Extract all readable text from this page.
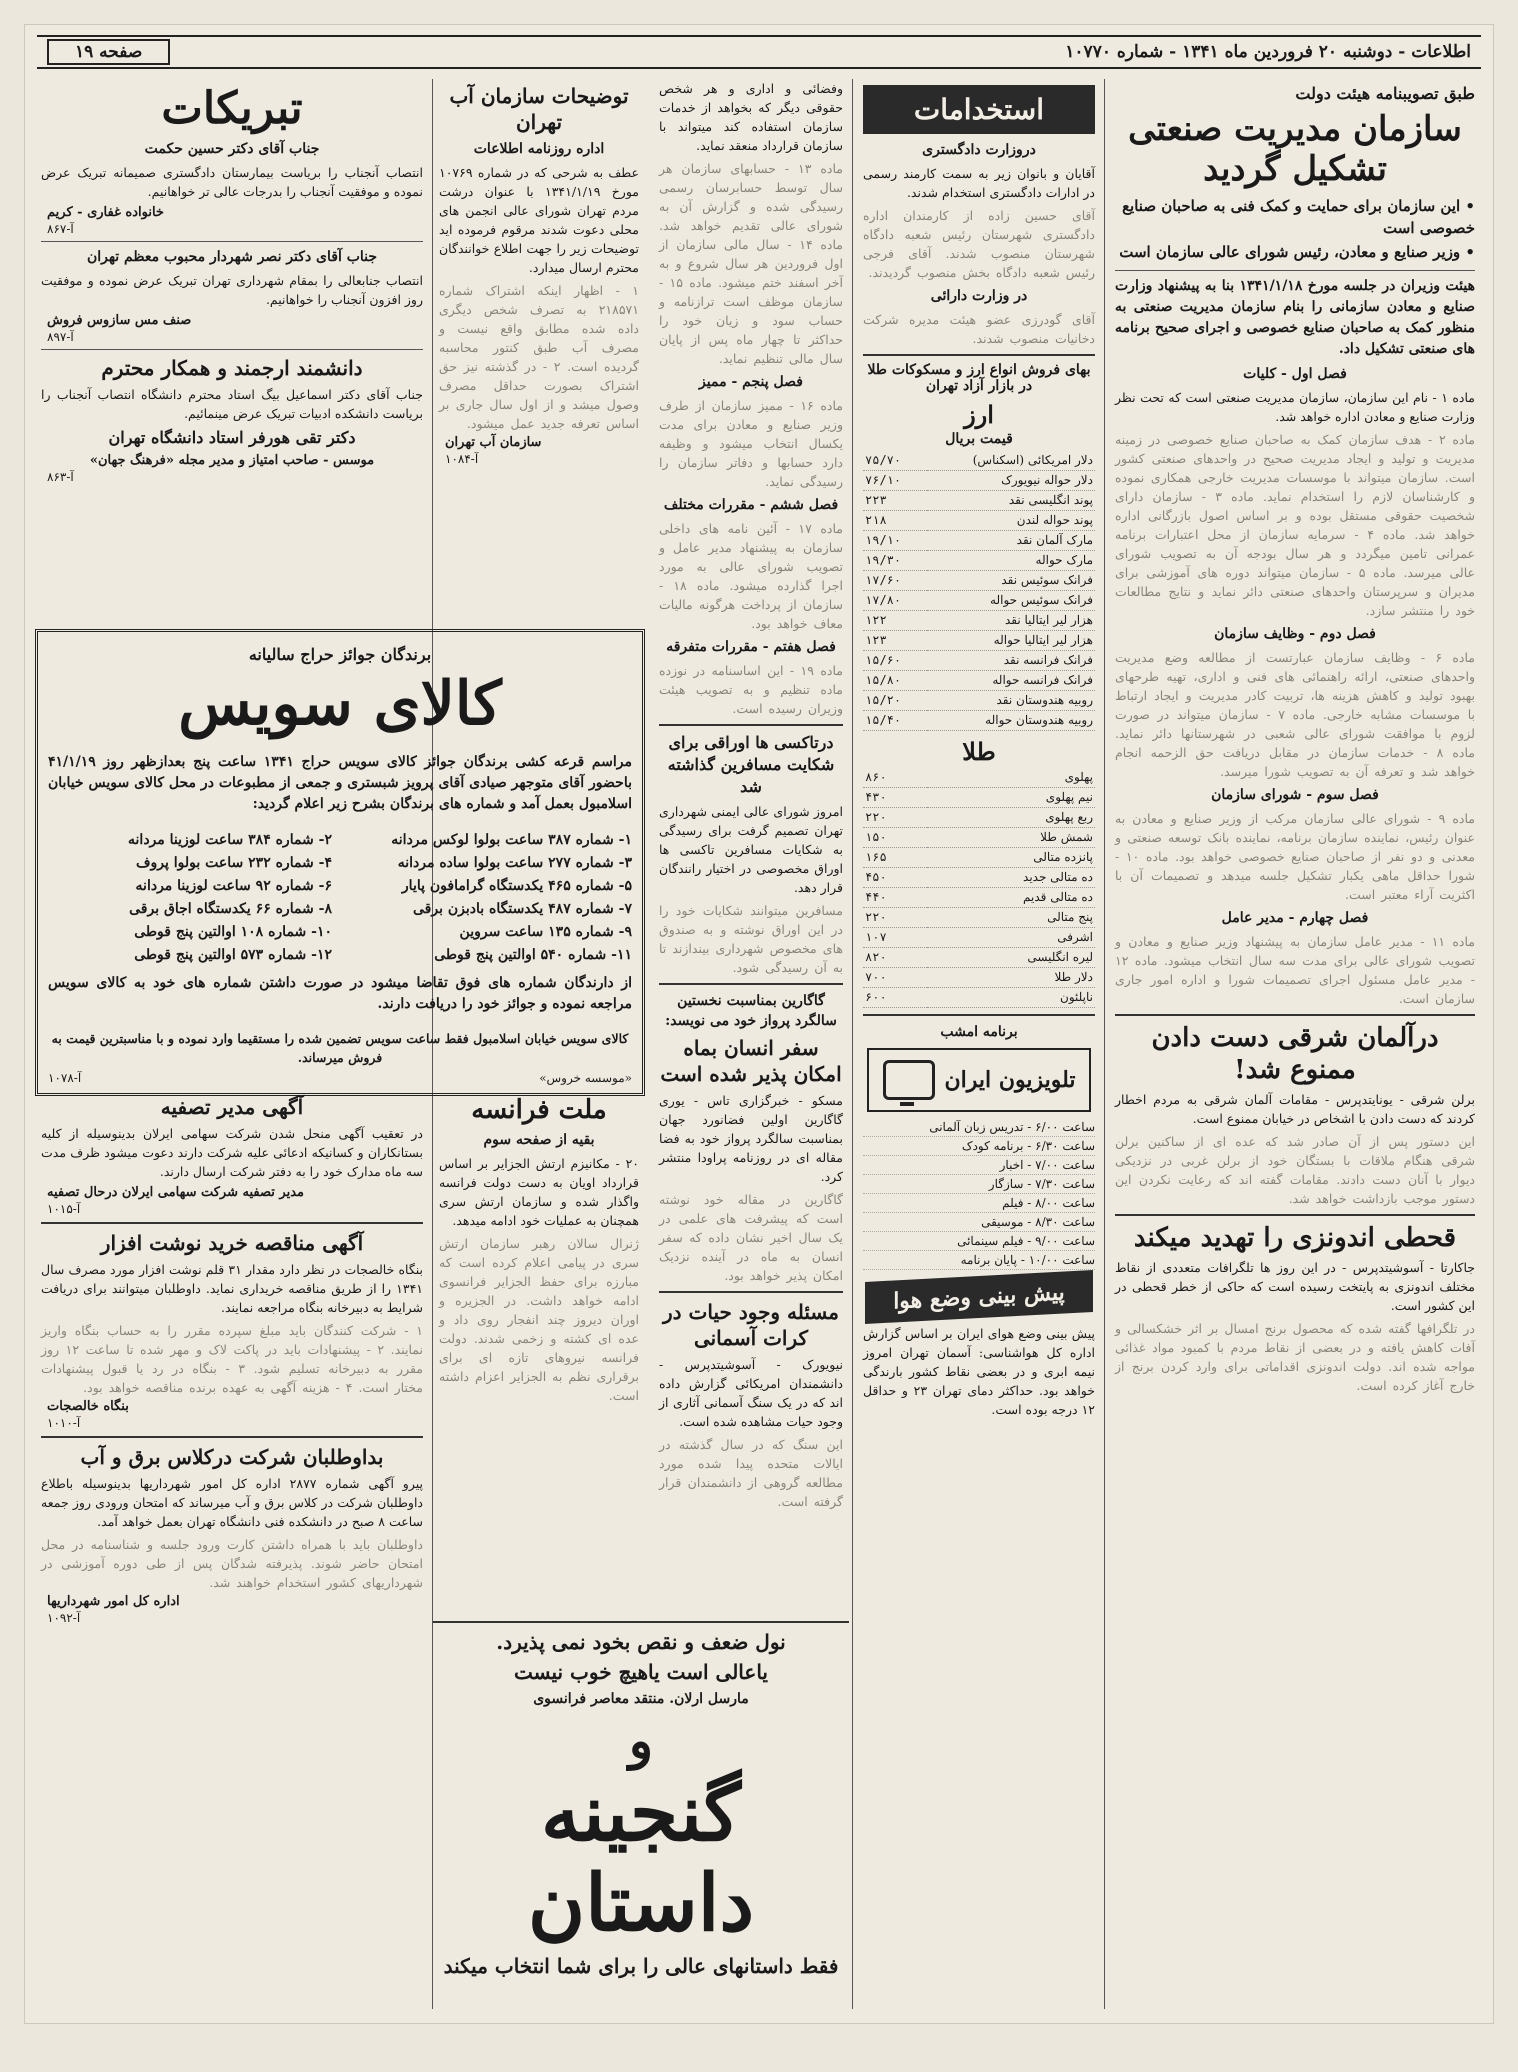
اطلاعات - دوشنبه ۲۰ فروردین ماه ۱۳۴۱ - شماره ۱۰۷۷۰
صفحه ۱۹
طبق تصویبنامه هیئت دولت
سازمان مدیریت صنعتی تشکیل گردید
• این سازمان برای حمایت و کمک فنی به صاحبان صنایع خصوصی است
• وزیر صنایع و معادن، رئیس شورای عالی سازمان است

هیئت وزیران در جلسه مورخ ۱۳۴۱/۱/۱۸ بنا به پیشنهاد وزارت صنایع و معادن سازمانی را بنام سازمان مدیریت صنعتی به منظور کمک به صاحبان صنایع خصوصی و اجرای صحیح برنامه های صنعتی تشکیل داد.

فصل اول - کلیات

ماده ۱ - نام این سازمان، سازمان مدیریت صنعتی است که تحت نظر وزارت صنایع و معادن اداره خواهد شد.

ماده ۲ - هدف سازمان کمک به صاحبان صنایع خصوصی در زمینه مدیریت و تولید و ایجاد مدیریت صحیح در واحدهای صنعتی کشور است. سازمان میتواند با موسسات مدیریت خارجی همکاری نموده و کارشناسان لازم را استخدام نماید. ماده ۳ - سازمان دارای شخصیت حقوقی مستقل بوده و بر اساس اصول بازرگانی اداره خواهد شد. ماده ۴ - سرمایه سازمان از محل اعتبارات برنامه عمرانی تامین میگردد و هر سال بودجه آن به تصویب شورای عالی میرسد. ماده ۵ - سازمان میتواند دوره های آموزشی برای مدیران و سرپرستان واحدهای صنعتی دائر نماید و نتایج مطالعات خود را منتشر سازد.
فصل دوم - وظایف سازمان
ماده ۶ - وظایف سازمان عبارتست از مطالعه وضع مدیریت واحدهای صنعتی، ارائه راهنمائی های فنی و اداری، تهیه طرحهای بهبود تولید و کاهش هزینه ها، تربیت کادر مدیریت و ایجاد ارتباط با موسسات مشابه خارجی. ماده ۷ - سازمان میتواند در صورت لزوم با موافقت شورای عالی شعبی در شهرستانها دائر نماید. ماده ۸ - خدمات سازمان در مقابل دریافت حق الزحمه انجام خواهد شد و تعرفه آن به تصویب شورا میرسد.
فصل سوم - شورای سازمان
ماده ۹ - شورای عالی سازمان مرکب از وزیر صنایع و معادن به عنوان رئیس، نماینده سازمان برنامه، نماینده بانک توسعه صنعتی و معدنی و دو نفر از صاحبان صنایع خصوصی خواهد بود. ماده ۱۰ - شورا حداقل ماهی یکبار تشکیل جلسه میدهد و تصمیمات آن با اکثریت آراء معتبر است.
فصل چهارم - مدیر عامل
ماده ۱۱ - مدیر عامل سازمان به پیشنهاد وزیر صنایع و معادن و تصویب شورای عالی برای مدت سه سال انتخاب میشود. ماده ۱۲ - مدیر عامل مسئول اجرای تصمیمات شورا و اداره امور جاری سازمان است.
درآلمان شرقی دست دادن ممنوع شد!

برلن شرقی - یونایتدپرس - مقامات آلمان شرقی به مردم اخطار کردند که دست دادن با اشخاص در خیابان ممنوع است.

این دستور پس از آن صادر شد که عده ای از ساکنین برلن شرقی هنگام ملاقات با بستگان خود از برلن غربی در نزدیکی دیوار با آنان دست دادند. مقامات گفته اند که رعایت نکردن این دستور موجب بازداشت خواهد شد.
قحطی اندونزی را تهدید میکند

جاکارتا - آسوشیتدپرس - در این روز ها تلگرافات متعددی از نقاط مختلف اندونزی به پایتخت رسیده است که حاکی از خطر قحطی در این کشور است.

در تلگرافها گفته شده که محصول برنج امسال بر اثر خشکسالی و آفات کاهش یافته و در بعضی از نقاط مردم با کمبود مواد غذائی مواجه شده اند. دولت اندونزی اقداماتی برای وارد کردن برنج از خارج آغاز کرده است.
استخدامات
دروزارت دادگستری

آقایان و بانوان زیر به سمت کارمند رسمی در ادارات دادگستری استخدام شدند.

آقای حسین زاده از کارمندان اداره دادگستری شهرستان رئیس شعبه دادگاه شهرستان منصوب شدند. آقای فرجی رئیس شعبه دادگاه بخش منصوب گردیدند.
در وزارت دارائی
آقای گودرزی عضو هیئت مدیره شرکت دخانیات منصوب شدند.
بهای فروش انواع ارز و مسکوکات طلا در بازار آزاد تهران
ارز
قیمت بریال
دلار امریکائی (اسکناس)	۷۵/۷۰
دلار حواله نیویورک	۷۶/۱۰
پوند انگلیسی نقد	۲۲۳
پوند حواله لندن	۲۱۸
مارک آلمان نقد	۱۹/۱۰
مارک حواله	۱۹/۳۰
فرانک سوئیس نقد	۱۷/۶۰
فرانک سوئیس حواله	۱۷/۸۰
هزار لیر ایتالیا نقد	۱۲۲
هزار لیر ایتالیا حواله	۱۲۳
فرانک فرانسه نقد	۱۵/۶۰
فرانک فرانسه حواله	۱۵/۸۰
روبیه هندوستان نقد	۱۵/۲۰
روبیه هندوستان حواله	۱۵/۴۰
طلا
پهلوی	۸۶۰
نیم پهلوی	۴۳۰
ربع پهلوی	۲۲۰
شمش طلا	۱۵۰
پانزده متالی	۱۶۵
ده متالی جدید	۴۵۰
ده متالی قدیم	۴۴۰
پنج متالی	۲۲۰
اشرفی	۱۰۷
لیره انگلیسی	۸۲۰
دلار طلا	۷۰۰
ناپلئون	۶۰۰
برنامه امشب
تلویزیون ایران
ساعت ۶/۰۰ - تدریس زبان آلمانی
ساعت ۶/۳۰ - برنامه کودک
ساعت ۷/۰۰ - اخبار
ساعت ۷/۳۰ - سازگار
ساعت ۸/۰۰ - فیلم
ساعت ۸/۳۰ - موسیقی
ساعت ۹/۰۰ - فیلم سینمائی
ساعت ۱۰/۰۰ - پایان برنامه
پیش بینی وضع هوا

پیش بینی وضع هوای ایران بر اساس گزارش اداره کل هواشناسی: آسمان تهران امروز نیمه ابری و در بعضی نقاط کشور بارندگی خواهد بود. حداکثر دمای تهران ۲۳ و حداقل ۱۲ درجه بوده است.

وفضائی و اداری و هر شخص حقوقی دیگر که بخواهد از خدمات سازمان استفاده کند میتواند با سازمان قرارداد منعقد نماید.

ماده ۱۳ - حسابهای سازمان هر سال توسط حسابرسان رسمی رسیدگی شده و گزارش آن به شورای عالی تقدیم خواهد شد. ماده ۱۴ - سال مالی سازمان از اول فروردین هر سال شروع و به آخر اسفند ختم میشود. ماده ۱۵ - سازمان موظف است ترازنامه و حساب سود و زیان خود را حداکثر تا چهار ماه پس از پایان سال مالی تنظیم نماید.
فصل پنجم - ممیز
ماده ۱۶ - ممیز سازمان از طرف وزیر صنایع و معادن برای مدت یکسال انتخاب میشود و وظیفه دارد حسابها و دفاتر سازمان را رسیدگی نماید.
فصل ششم - مقررات مختلف
ماده ۱۷ - آئین نامه های داخلی سازمان به پیشنهاد مدیر عامل و تصویب شورای عالی به مورد اجرا گذارده میشود. ماده ۱۸ - سازمان از پرداخت هرگونه مالیات معاف خواهد بود.
فصل هفتم - مقررات متفرقه
ماده ۱۹ - این اساسنامه در نوزده ماده تنظیم و به تصویب هیئت وزیران رسیده است.
درتاکسی ها اوراقی برای شکایت مسافرین گذاشته شد

امروز شورای عالی ایمنی شهرداری تهران تصمیم گرفت برای رسیدگی به شکایات مسافرین تاکسی ها اوراق مخصوصی در اختیار رانندگان قرار دهد.

مسافرین میتوانند شکایات خود را در این اوراق نوشته و به صندوق های مخصوص شهرداری بیندازند تا به آن رسیدگی شود.
گاگارین بمناسبت نخستین سالگرد پرواز خود می نویسد:
سفر انسان بماه امکان پذیر شده است

مسکو - خبرگزاری تاس - یوری گاگارین اولین فضانورد جهان بمناسبت سالگرد پرواز خود به فضا مقاله ای در روزنامه پراودا منتشر کرد.

گاگارین در مقاله خود نوشته است که پیشرفت های علمی در یک سال اخیر نشان داده که سفر انسان به ماه در آینده نزدیک امکان پذیر خواهد بود.
مسئله وجود حیات در کرات آسمانی

نیویورک - آسوشیتدپرس - دانشمندان امریکائی گزارش داده اند که در یک سنگ آسمانی آثاری از وجود حیات مشاهده شده است.

این سنگ که در سال گذشته در ایالات متحده پیدا شده مورد مطالعه گروهی از دانشمندان قرار گرفته است.
توضیحات سازمان آب تهران
اداره روزنامه اطلاعات

عطف به شرحی که در شماره ۱۰۷۶۹ مورخ ۱۳۴۱/۱/۱۹ با عنوان درشت مردم تهران شورای عالی انجمن های محلی دعوت شدند مرقوم فرموده اید توضیحات زیر را جهت اطلاع خوانندگان محترم ارسال میدارد.

۱ - اظهار اینکه اشتراک شماره ۲۱۸۵۷۱ به تصرف شخص دیگری داده شده مطابق واقع نیست و مصرف آب طبق کنتور محاسبه گردیده است. ۲ - در گذشته نیز حق اشتراک بصورت حداقل مصرف وصول میشد و از اول سال جاری بر اساس تعرفه جدید عمل میشود.
سازمان آب تهران
آ-۱۰۸۴
تبریکات
جناب آقای دکتر حسین حکمت

انتصاب آنجناب را بریاست بیمارستان دادگستری صمیمانه تبریک عرض نموده و موفقیت آنجناب را بدرجات عالی تر خواهانیم.

خانواده غفاری - کریم
آ-۸۶۷
جناب آقای دکتر نصر شهردار محبوب معظم تهران

انتصاب جنابعالی را بمقام شهرداری تهران تبریک عرض نموده و موفقیت روز افزون آنجناب را خواهانیم.

صنف مس سازوس فروش
آ-۸۹۷
دانشمند ارجمند و همکار محترم

جناب آقای دکتر اسماعیل بیگ استاد محترم دانشگاه انتصاب آنجناب را بریاست دانشکده ادبیات تبریک عرض مینمائیم.

دکتر تقی هورفر استاد دانشگاه تهران
موسس - صاحب امتیاز و مدیر مجله «فرهنگ جهان»
آ-۸۶۳
برندگان جوائز حراج سالیانه
کالای سویس

مراسم قرعه کشی برندگان جوائز کالای سویس حراج ۱۳۴۱ ساعت پنج بعدازظهر روز ۴۱/۱/۱۹ باحضور آقای متوجهر صیادی آقای پرویز شبستری و جمعی از مطبوعات در محل کالای سویس خیابان اسلامبول بعمل آمد و شماره های برندگان بشرح زیر اعلام گردید:

۱- شماره ۳۸۷ ساعت بولوا لوکس مردانه
۲- شماره ۳۸۴ ساعت لوزینا مردانه
۳- شماره ۲۷۷ ساعت بولوا ساده مردانه
۴- شماره ۲۳۲ ساعت بولوا پروف
۵- شماره ۴۶۵ یکدستگاه گرامافون پایار
۶- شماره ۹۲ ساعت لوزینا مردانه
۷- شماره ۴۸۷ یکدستگاه بادبزن برقی
۸- شماره ۶۶ یکدستگاه اجاق برقی
۹- شماره ۱۳۵ ساعت سروین
۱۰- شماره ۱۰۸ اوالتین پنج قوطی
۱۱- شماره ۵۴۰ اوالتین پنج قوطی
۱۲- شماره ۵۷۳ اوالتین پنج قوطی

از دارندگان شماره های فوق تقاضا میشود در صورت داشتن شماره های خود به کالای سویس مراجعه نموده و جوائز خود را دریافت دارند.

کالای سویس خیابان اسلامبول فقط ساعت سویس تضمین شده را مستقیما وارد نموده و با مناسبترین قیمت به فروش میرساند.

«موسسه خروس»
آ-۱۰۷۸
ملت فرانسه
بقیه از صفحه سوم

۲۰ - مکانیزم ارتش الجزایر بر اساس قرارداد اویان به دست دولت فرانسه واگذار شده و سازمان ارتش سری همچنان به عملیات خود ادامه میدهد.

ژنرال سالان رهبر سازمان ارتش سری در پیامی اعلام کرده است که مبارزه برای حفظ الجزایر فرانسوی ادامه خواهد داشت. در الجزیره و اوران دیروز چند انفجار روی داد و عده ای کشته و زخمی شدند. دولت فرانسه نیروهای تازه ای برای برقراری نظم به الجزایر اعزام داشته است.
آگهی مدیر تصفیه

در تعقیب آگهی منحل شدن شرکت سهامی ایرلان بدینوسیله از کلیه بستانکاران و کسانیکه ادعائی علیه شرکت دارند دعوت میشود ظرف مدت سه ماه مدارک خود را به دفتر شرکت ارسال دارند.

مدیر تصفیه شرکت سهامی ایرلان درحال تصفیه
آ-۱۰۱۵
آگهی مناقصه خرید نوشت افزار

بنگاه خالصجات در نظر دارد مقدار ۳۱ قلم نوشت افزار مورد مصرف سال ۱۳۴۱ را از طریق مناقصه خریداری نماید. داوطلبان میتوانند برای دریافت شرایط به دبیرخانه بنگاه مراجعه نمایند.

۱ - شرکت کنندگان باید مبلغ سپرده مقرر را به حساب بنگاه واریز نمایند. ۲ - پیشنهادات باید در پاکت لاک و مهر شده تا ساعت ۱۲ روز مقرر به دبیرخانه تسلیم شود. ۳ - بنگاه در رد یا قبول پیشنهادات مختار است. ۴ - هزینه آگهی به عهده برنده مناقصه خواهد بود.
بنگاه خالصجات
آ-۱۰۱۰
بداوطلبان شرکت درکلاس برق و آب

پیرو آگهی شماره ۲۸۷۷ اداره کل امور شهرداریها بدینوسیله باطلاع داوطلبان شرکت در کلاس برق و آب میرساند که امتحان ورودی روز جمعه ساعت ۸ صبح در دانشکده فنی دانشگاه تهران بعمل خواهد آمد.

داوطلبان باید با همراه داشتن کارت ورود جلسه و شناسنامه در محل امتحان حاضر شوند. پذیرفته شدگان پس از طی دوره آموزشی در شهرداریهای کشور استخدام خواهند شد.
اداره کل امور شهرداریها
آ-۱۰۹۲
نول ضعف و نقص بخود نمی پذیرد.
یاعالی است یاهیچ خوب نیست
مارسل ارلان. منتقد معاصر فرانسوی
و
گنجینه داستان
فقط داستانهای عالی را برای شما انتخاب میکند
